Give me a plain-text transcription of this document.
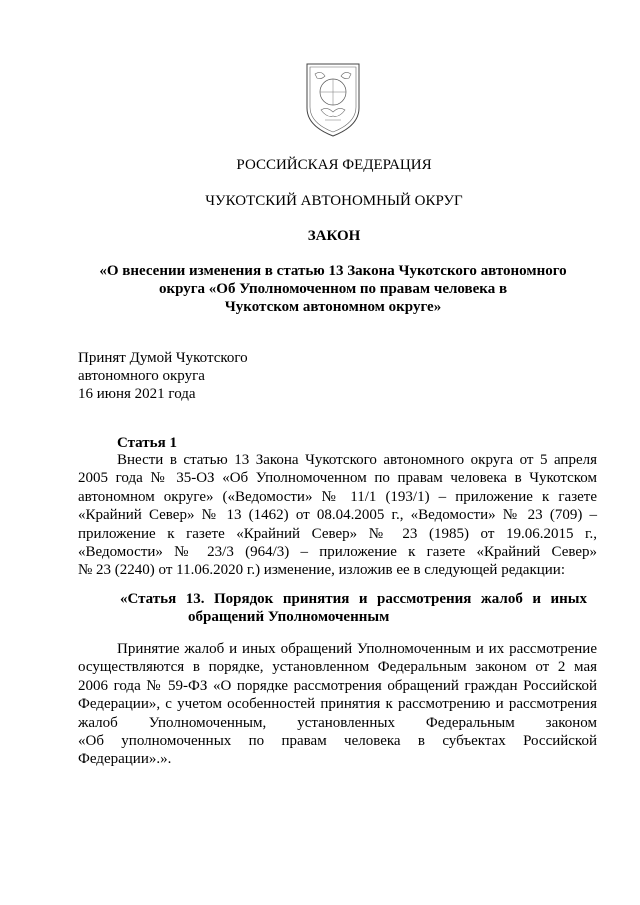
РОССИЙСКАЯ ФЕДЕРАЦИЯ
ЧУКОТСКИЙ АВТОНОМНЫЙ ОКРУГ
ЗАКОН
«О внесении изменения в статью 13 Закона Чукотского автономного
округа «Об Уполномоченном по правам человека в
Чукотском автономном округе»
Принят Думой Чукотского
автономного округа
16 июня 2021 года
Статья 1
Внести в статью 13 Закона Чукотского автономного округа от 5 апреля
2005 года № 35-ОЗ «Об Уполномоченном по правам человека в Чукотском
автономном округе» («Ведомости» № 11/1 (193/1) – приложение к газете
«Крайний Север» № 13 (1462) от 08.04.2005 г., «Ведомости» № 23 (709) –
приложение к газете «Крайний Север» № 23 (1985) от 19.06.2015 г.,
«Ведомости» № 23/3 (964/3) – приложение к газете «Крайний Север»
№ 23 (2240) от 11.06.2020 г.) изменение, изложив ее в следующей редакции:
«Статья 13. Порядок принятия и рассмотрения жалоб и иных
обращений Уполномоченным
Принятие жалоб и иных обращений Уполномоченным и их рассмотрение
осуществляются в порядке, установленном Федеральным законом от 2 мая
2006 года № 59-ФЗ «О порядке рассмотрения обращений граждан Российской
Федерации», с учетом особенностей принятия к рассмотрению и рассмотрения
жалоб Уполномоченным, установленных Федеральным законом
«Об уполномоченных по правам человека в субъектах Российской
Федерации».».
